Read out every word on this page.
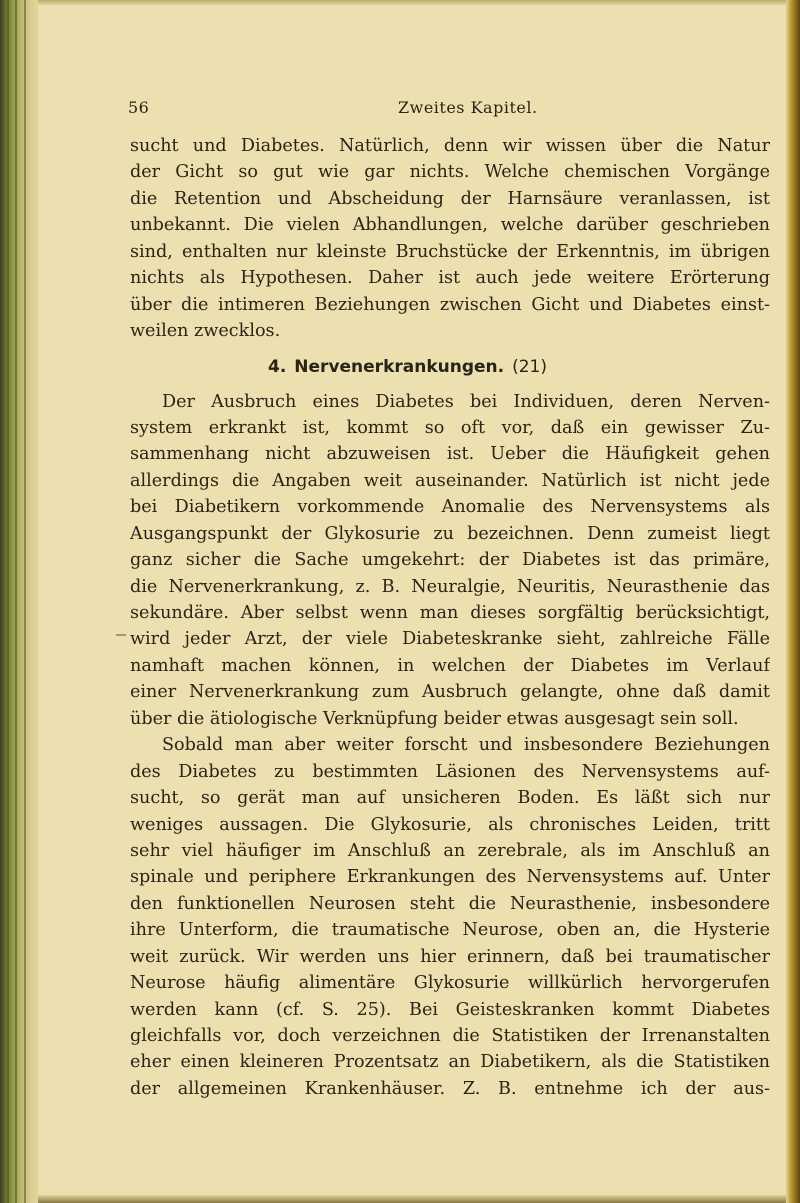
56	Zweites Kapitel.
sucht und Diabetes. Natürlich, denn wir wissen über die Natur
der Gicht so gut wie gar nichts. Welche chemischen Vorgänge
die Retention und Abscheidung der Harnsäure veranlassen, ist
unbekannt. Die vielen Abhandlungen, welche darüber geschrieben
sind, enthalten nur kleinste Bruchstücke der Erkenntnis, im übrigen
nichts als Hypothesen. Daher ist auch jede weitere Erörterung
über die intimeren Beziehungen zwischen Gicht und Diabetes einst-
weilen zwecklos.
4. Nervenerkrankungen. (21)
Der Ausbruch eines Diabetes bei Individuen, deren Nerven-
system erkrankt ist, kommt so oft vor, daß ein gewisser Zu-
sammenhang nicht abzuweisen ist. Ueber die Häufigkeit gehen
allerdings die Angaben weit auseinander. Natürlich ist nicht jede
bei Diabetikern vorkommende Anomalie des Nervensystems als
Ausgangspunkt der Glykosurie zu bezeichnen. Denn zumeist liegt
ganz sicher die Sache umgekehrt: der Diabetes ist das primäre,
die Nervenerkrankung, z. B. Neuralgie, Neuritis, Neurasthenie das
sekundäre. Aber selbst wenn man dieses sorgfältig berücksichtigt,
wird jeder Arzt, der viele Diabeteskranke sieht, zahlreiche Fälle
namhaft machen können, in welchen der Diabetes im Verlauf
einer Nervenerkrankung zum Ausbruch gelangte, ohne daß damit
über die ätiologische Verknüpfung beider etwas ausgesagt sein soll.
Sobald man aber weiter forscht und insbesondere Beziehungen
des Diabetes zu bestimmten Läsionen des Nervensystems auf-
sucht, so gerät man auf unsicheren Boden. Es läßt sich nur
weniges aussagen. Die Glykosurie, als chronisches Leiden, tritt
sehr viel häufiger im Anschluß an zerebrale, als im Anschluß an
spinale und periphere Erkrankungen des Nervensystems auf. Unter
den funktionellen Neurosen steht die Neurasthenie, insbesondere
ihre Unterform, die traumatische Neurose, oben an, die Hysterie
weit zurück. Wir werden uns hier erinnern, daß bei traumatischer
Neurose häufig alimentäre Glykosurie willkürlich hervorgerufen
werden kann (cf. S. 25). Bei Geisteskranken kommt Diabetes
gleichfalls vor, doch verzeichnen die Statistiken der Irrenanstalten
eher einen kleineren Prozentsatz an Diabetikern, als die Statistiken
der allgemeinen Krankenhäuser. Z. B. entnehme ich der aus-
